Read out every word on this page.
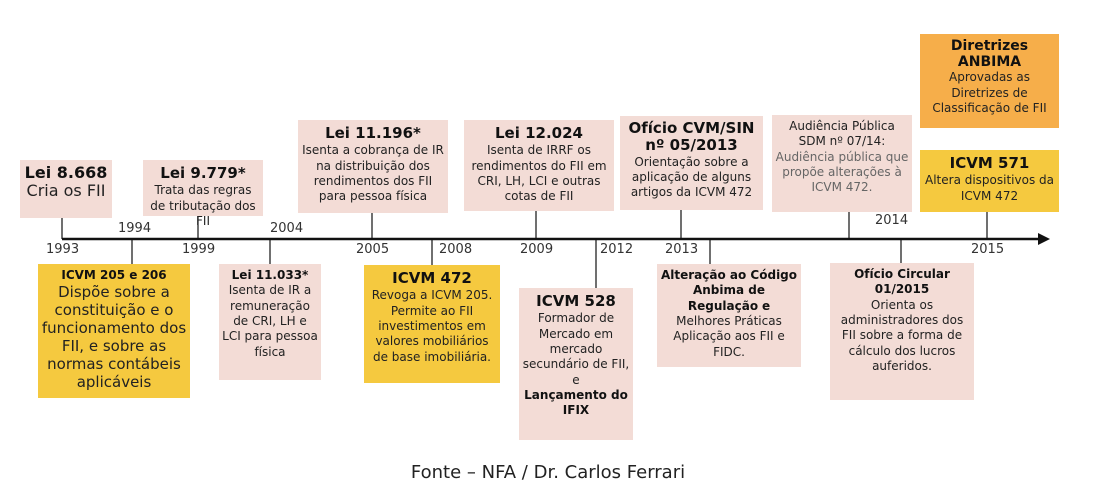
1993
1994
1999
2004
2005	2008	2009	2012 2013
2014
2015
Lei 8.668
Cria os FII
Lei 9.779*
Trata das regras de tributação dos FII
Lei 11.196*
Isenta a cobrança de IR na distribuição dos rendimentos dos FII para pessoa física
Lei 12.024
Isenta de IRRF os rendimentos do FII em CRI, LH, LCI e outras cotas de FII
Ofício CVM/SIN nº 05/2013
Orientação sobre a aplicação de alguns artigos da ICVM 472
Audiência Pública SDM nº 07/14:
Audiência pública que propõe alterações à ICVM 472.
Diretrizes ANBIMA
Aprovadas as Diretrizes de Classificação de FII
ICVM 571
Altera dispositivos da ICVM 472
ICVM 205 e 206
Dispõe sobre a constituição e o funcionamento dos FII, e sobre as normas contábeis aplicáveis
Lei 11.033*
Isenta de IR a remuneração de CRI, LH e LCI para pessoa física
ICVM 472
Revoga a ICVM 205. Permite ao FII investimentos em valores mobiliários de base imobiliária.
ICVM 528
Formador de Mercado em mercado secundário de FII, e
Lançamento do IFIX
Alteração ao Código Anbima de Regulação e Melhores Práticas Aplicação aos FII e FIDC.
Ofício Circular 01/2015
Orienta os administradores dos FII sobre a forma de cálculo dos lucros auferidos.
Fonte – NFA / Dr. Carlos Ferrari
